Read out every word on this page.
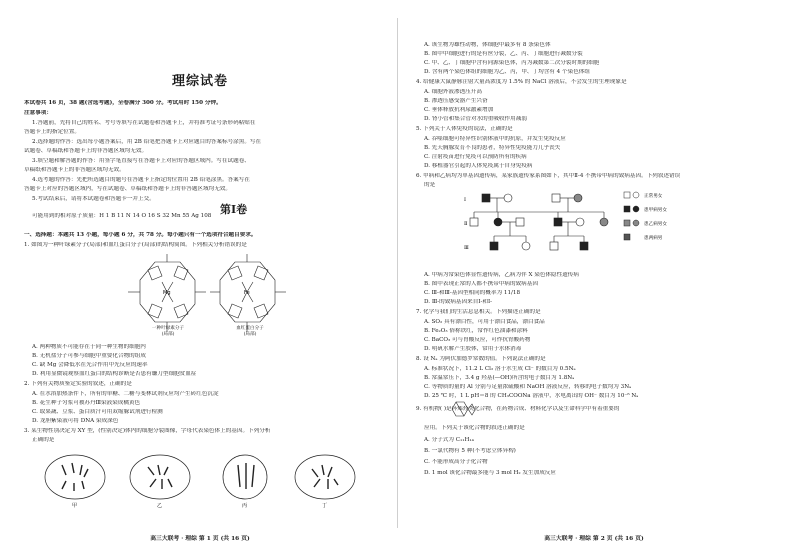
理综试卷
本试卷共 16 页，38 题(含选考题)，全卷满分 300 分。考试用时 150 分钟。
注意事项：
1.答题前，先将自己的姓名、考号等填写在试题卷和答题卡上，并将准考证号条形码粘贴在
答题卡上的指定位置。
2.选择题的作答：选出每小题答案后，用 2B 铅笔把答题卡上对应题目的答案标号涂黑。写在
试题卷、草稿纸和答题卡上的非答题区域均无效。
3.填空题和解答题的作答：用签字笔直接写在答题卡上对应的答题区域内。写在试题卷、
草稿纸和答题卡上的非答题区域均无效。
4.选考题的作答：先把所选题目的题号在答题卡上指定的位置用 2B 铅笔涂黑。答案写在
答题卡上对应的答题区域内，写在试题卷、草稿纸和答题卡上的非答题区域均无效。
5.考试结束后，请将本试题卷和答题卡一并上交。
第Ⅰ卷
可能用到的相对原子质量：H 1 B 11 N 14 O 16 S 32 Mn 55 Ag 108
一、选择题：本题共 13 小题，每小题 6 分，共 78 分。每小题只有一个选项符合题目要求。
1. 如图为一种叶绿素分子(局部)和血红蛋白分子(局部)的结构简图。下列相关分析错误的是
Mg	Fe
一种叶绿素分子
(局部)
血红蛋白分子
(局部)
A. 两种物质不可能存在于同一种生物的细胞内
B. 无机盐分子可参与细胞中重要化合物的组成
C. 缺 Mg 会降低水在光合作用中光反应的速率
D. 利用显微镜观察血红蛋白的结构诊断是否患有镰刀型细胞贫血症
2. 下列有关物质鉴定实验的叙述，正确的是
A. 在水浴加热条件下，所有的单糖、二糖与斐林试剂反应均产生砖红色沉淀
B. 花生种子匀浆可被苏丹Ⅲ染液染成橘黄色
C. 取果蔬、豆浆、蛋白质汁可用双缩脲试剂进行检测
D. 龙胆紫染液可将 DNA 染成深色
3. 某生物性别决定为 XY 型，(性别决定)体内的细胞分裂图像，字母代表染色体上的基因。下列分析
正确的是
甲	乙	丙	丁
高三大联考 · 理综 第 1 页 (共 16 页)
A. 该生物为雄性动物，体细胞中最多有 8 条染色体
B. 图中甲细胞进行的是有丝分裂，乙、丙、丁细胞进行减数分裂
C. 甲、乙、丁细胞中含有同源染色体，丙为减数第二次分裂时期的细胞
D. 含有两个染色体组的细胞为乙、丙，甲、丁均含有 4 个染色体组
4. 给健康大鼠静脉注射大量高浓度为 1.5% 的 NaCl 溶液后，不会发生的生理现象是
A. 细胞外液渗透压升高
B. 渗透压感受器产生兴奋
C. 垂体释放抗利尿激素增加
D. 肾小管和集合管对水的重吸收作用减弱
5. 下列关于人体免疫的说法，正确的是
A. 吞噬细胞可特异性识别体液中的抗原，并发生免疫反应
B. 先天胸腺发育不良的患者，特异性免疫能力几乎丧失
C. 注射疫苗进行免疫可以预防所有的疾病
D. 移植器官引起的人体免疫属于自身免疫病
6. 甲病和乙病均为单基因遗传病，某家族遗传家系图如下，其中Ⅱ-4 不携带甲病的致病基因。下列叙述错误
的是
Ⅰ
Ⅱ
Ⅲ
正常男女
患甲病男女
患乙病男女
患两病男
A. 甲病为常染色体显性遗传病，乙病为伴 X 染色体隐性遗传病
B. 图中表现正常的人都不携带甲病的致病基因
C. Ⅲ-和Ⅲ-基因型相同的概率为 11/18
D. Ⅲ-的致病基因来自Ⅰ-和Ⅰ-
7. 化学与我们的生活息息相关。下列描述正确的是
A. SO₂ 具有漂白性，可用于漂白食品，漂白食品
B. Fe₂O₃ 俗称铁红，常作红色油漆和涂料
C. BaCO₃ 可与胃酸反应，可作抗胃酸药物
D. 明矾水解产生胶体，常用于水体消毒
8. 设 Nₐ 为阿伏加德罗常数的值。下列说法正确的是
A. 标准状况下，11.2 L Cl₂ 溶于水生成 Cl⁻ 的数目为 0.5Nₐ
B. 常温常压下，3.4 g 羟基(—OH)所含的电子数目为 1.8Nₐ
C. 等物质的量的 Al 分别与足量浓硫酸和 NaOH 溶液反应，转移的电子数均为 3Nₐ
D. 25 ℃ 时，1 L pH＝8 的 CH₃COONa 溶液中，水电离出的 OH⁻ 数目为 10⁻⁶ Nₐ
9. 有机物( )是环烯烃类化合物，在药物合成、材料化学以及生命科学中有着重要的
应用。下列关于该化合物的叙述正确的是
A. 分子式为 C₁₁H₁₄
B. 一氯代物有 5 种(不考虑立体异构)
C. 不能形成高分子化合物
D. 1 mol 该化合物最多能与 3 mol H₂ 发生加成反应
高三大联考 · 理综 第 2 页 (共 16 页)
